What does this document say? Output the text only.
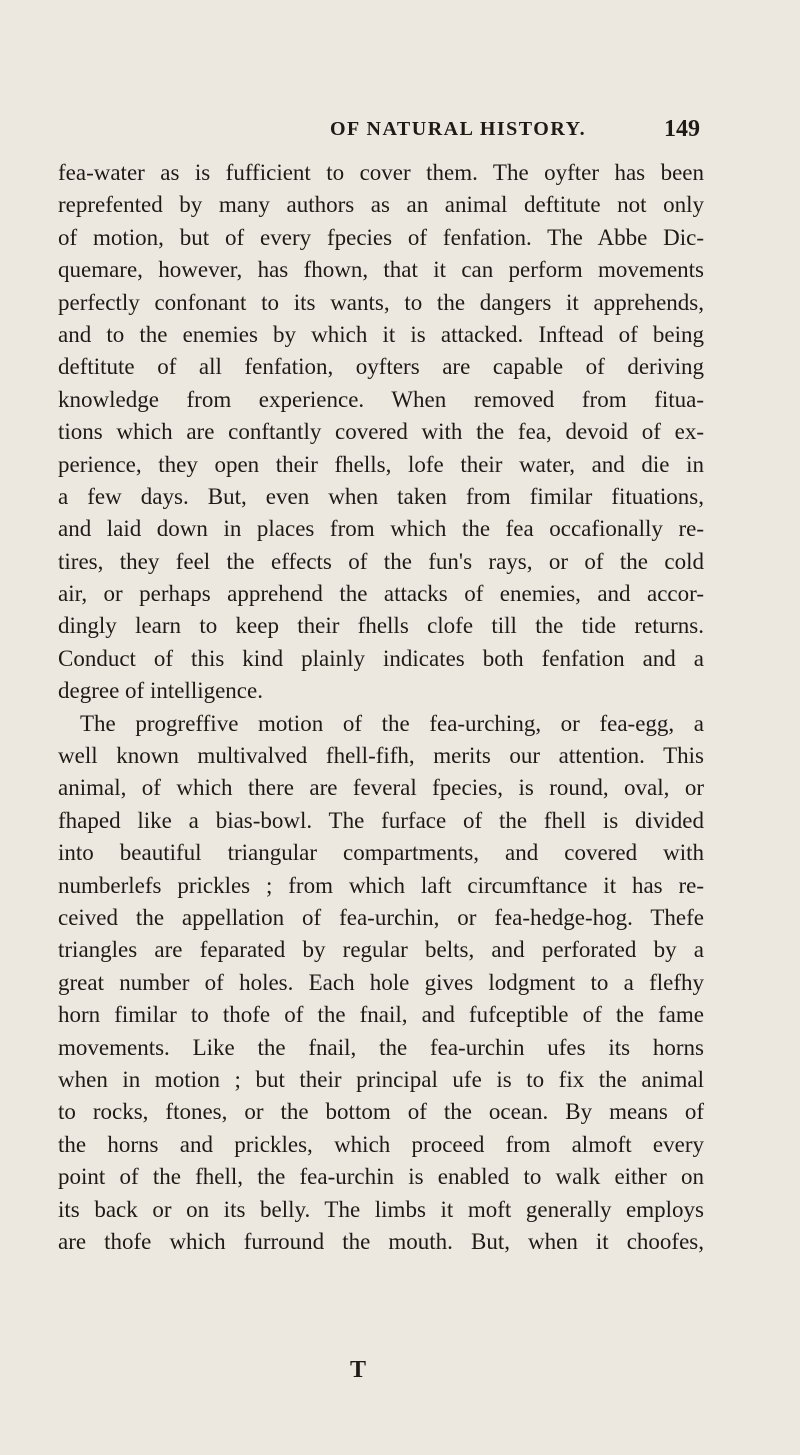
OF NATURAL HISTORY.	149
fea-water as is fufficient to cover them. The oyfter has been
reprefented by many authors as an animal deftitute not only
of motion, but of every fpecies of fenfation. The Abbe Dic-
quemare, however, has fhown, that it can perform movements
perfectly confonant to its wants, to the dangers it apprehends,
and to the enemies by which it is attacked. Inftead of being
deftitute of all fenfation, oyfters are capable of deriving
knowledge from experience. When removed from fitua-
tions which are conftantly covered with the fea, devoid of ex-
perience, they open their fhells, lofe their water, and die in
a few days. But, even when taken from fimilar fituations,
and laid down in places from which the fea occafionally re-
tires, they feel the effects of the fun's rays, or of the cold
air, or perhaps apprehend the attacks of enemies, and accor-
dingly learn to keep their fhells clofe till the tide returns.
Conduct of this kind plainly indicates both fenfation and a
degree of intelligence.
The progreffive motion of the fea-urching, or fea-egg, a
well known multivalved fhell-fifh, merits our attention. This
animal, of which there are feveral fpecies, is round, oval, or
fhaped like a bias-bowl. The furface of the fhell is divided
into beautiful triangular compartments, and covered with
numberlefs prickles ; from which laft circumftance it has re-
ceived the appellation of fea-urchin, or fea-hedge-hog. Thefe
triangles are feparated by regular belts, and perforated by a
great number of holes. Each hole gives lodgment to a flefhy
horn fimilar to thofe of the fnail, and fufceptible of the fame
movements. Like the fnail, the fea-urchin ufes its horns
when in motion ; but their principal ufe is to fix the animal
to rocks, ftones, or the bottom of the ocean. By means of
the horns and prickles, which proceed from almoft every
point of the fhell, the fea-urchin is enabled to walk either on
its back or on its belly. The limbs it moft generally employs
are thofe which furround the mouth. But, when it choofes,
T
